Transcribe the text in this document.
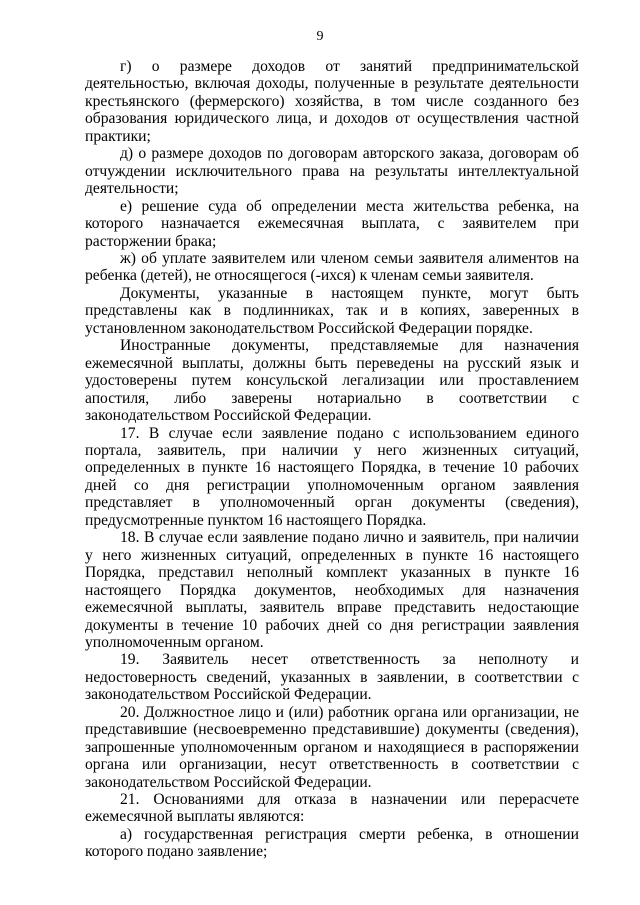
9

г) о размере доходов от занятий предпринимательской деятельностью, включая доходы, полученные в результате деятельности крестьянского (фермерского) хозяйства, в том числе созданного без образования юридического лица, и доходов от осуществления частной практики;

д) о размере доходов по договорам авторского заказа, договорам об отчуждении исключительного права на результаты интеллектуальной деятельности;

е) решение суда об определении места жительства ребенка, на которого назначается ежемесячная выплата, с заявителем при расторжении брака;

ж) об уплате заявителем или членом семьи заявителя алиментов на ребенка (детей), не относящегося (-ихся) к членам семьи заявителя.

Документы, указанные в настоящем пункте, могут быть представлены как в подлинниках, так и в копиях, заверенных в установленном законодательством Российской Федерации порядке.

Иностранные документы, представляемые для назначения ежемесячной выплаты, должны быть переведены на русский язык и удостоверены путем консульской легализации или проставлением апостиля, либо заверены нотариально в соответствии с законодательством Российской Федерации.

17. В случае если заявление подано с использованием единого портала, заявитель, при наличии у него жизненных ситуаций, определенных в пункте 16 настоящего Порядка, в течение 10 рабочих дней со дня регистрации уполномоченным органом заявления представляет в уполномоченный орган документы (сведения), предусмотренные пунктом 16 настоящего Порядка.

18. В случае если заявление подано лично и заявитель, при наличии у него жизненных ситуаций, определенных в пункте 16 настоящего Порядка, представил неполный комплект указанных в пункте 16 настоящего Порядка документов, необходимых для назначения ежемесячной выплаты, заявитель вправе представить недостающие документы в течение 10 рабочих дней со дня регистрации заявления уполномоченным органом.

19. Заявитель несет ответственность за неполноту и недостоверность сведений, указанных в заявлении, в соответствии с законодательством Российской Федерации.

20. Должностное лицо и (или) работник органа или организации, не представившие (несвоевременно представившие) документы (сведения), запрошенные уполномоченным органом и находящиеся в распоряжении органа или организации, несут ответственность в соответствии с законодательством Российской Федерации.

21. Основаниями для отказа в назначении или перерасчете ежемесячной выплаты являются:

а) государственная регистрация смерти ребенка, в отношении которого подано заявление;
